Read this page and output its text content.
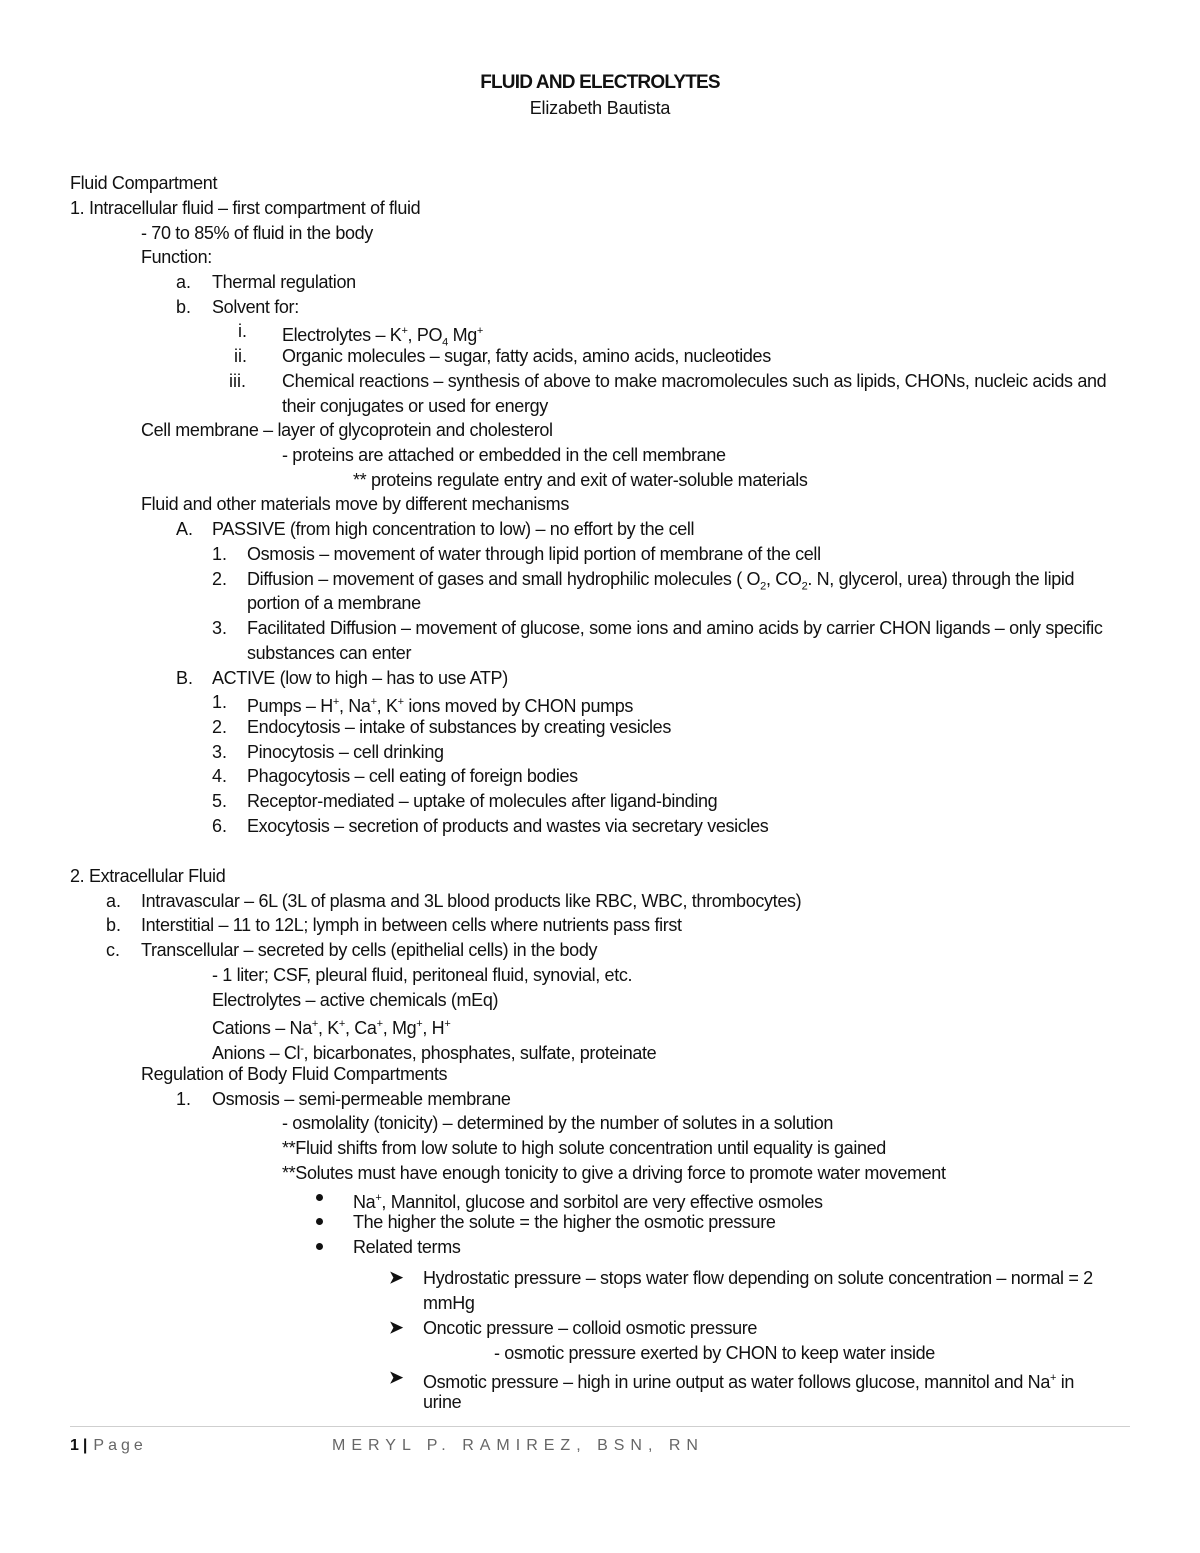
FLUID AND ELECTROLYTES
Elizabeth Bautista
Fluid Compartment
1. Intracellular fluid – first compartment of fluid
- 70 to 85% of fluid in the body
Function:
a. Thermal regulation
b. Solvent for:
i. Electrolytes – K+, $PO_4$ Mg+
ii. Organic molecules – sugar, fatty acids, amino acids, nucleotides
iii. Chemical reactions – synthesis of above to make macromolecules such as lipids, CHONs, nucleic acids and
their conjugates or used for energy
Cell membrane – layer of glycoprotein and cholesterol
- proteins are attached or embedded in the cell membrane
** proteins regulate entry and exit of water-soluble materials
Fluid and other materials move by different mechanisms
A. PASSIVE (from high concentration to low) – no effort by the cell
1. Osmosis – movement of water through lipid portion of membrane of the cell
2. Diffusion – movement of gases and small hydrophilic molecules ( $O_2$, $CO_2$. N, glycerol, urea) through the lipid
portion of a membrane
3. Facilitated Diffusion – movement of glucose, some ions and amino acids by carrier CHON ligands – only specific
substances can enter
B. ACTIVE (low to high – has to use ATP)
1. Pumps – H+, Na+, K+ ions moved by CHON pumps
2. Endocytosis – intake of substances by creating vesicles
3. Pinocytosis – cell drinking
4. Phagocytosis – cell eating of foreign bodies
5. Receptor-mediated – uptake of molecules after ligand-binding
6. Exocytosis – secretion of products and wastes via secretary vesicles
2. Extracellular Fluid
a. Intravascular – 6L (3L of plasma and 3L blood products like RBC, WBC, thrombocytes)
b. Interstitial – 11 to 12L; lymph in between cells where nutrients pass first
c. Transcellular – secreted by cells (epithelial cells) in the body
- 1 liter; CSF, pleural fluid, peritoneal fluid, synovial, etc.
Electrolytes – active chemicals (mEq)
Cations – Na+, K+, Ca+, Mg+, H+
Anions – Cl-, bicarbonates, phosphates, sulfate, proteinate
Regulation of Body Fluid Compartments
1. Osmosis – semi-permeable membrane
- osmolality (tonicity) – determined by the number of solutes in a solution
**Fluid shifts from low solute to high solute concentration until equality is gained
**Solutes must have enough tonicity to give a driving force to promote water movement
Na+, Mannitol, glucose and sorbitol are very effective osmoles
The higher the solute = the higher the osmotic pressure
Related terms
➤ Hydrostatic pressure – stops water flow depending on solute concentration – normal = 2
mmHg
➤ Oncotic pressure – colloid osmotic pressure
- osmotic pressure exerted by CHON to keep water inside
➤ Osmotic pressure – high in urine output as water follows glucose, mannitol and Na+ in
urine
1 | Page	MERYL P. RAMIREZ, BSN, RN
